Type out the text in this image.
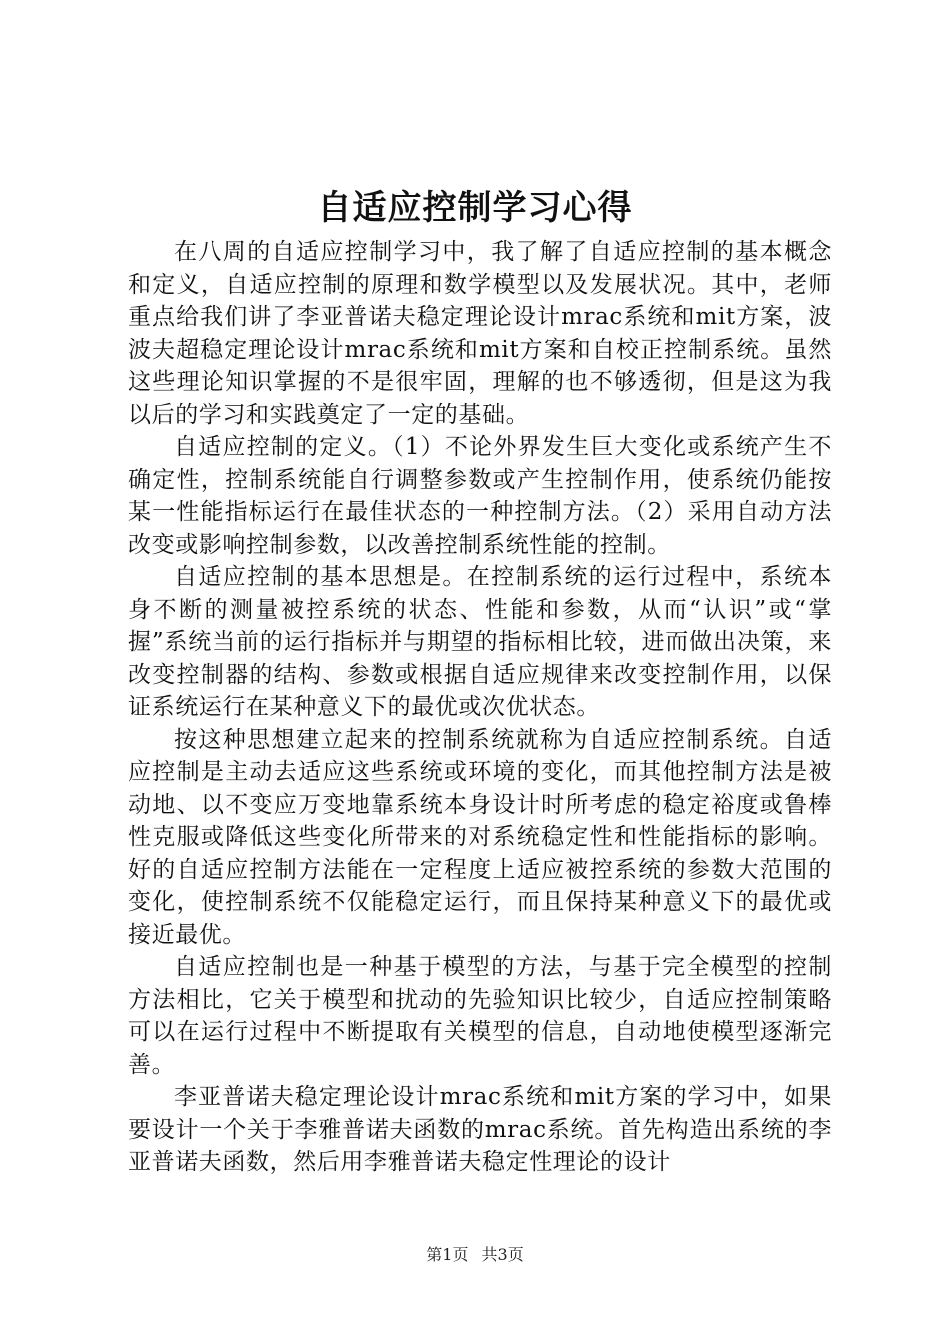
自适应控制学习心得

在八周的自适应控制学习中，我了解了自适应控制的基本概念和定义，自适应控制的原理和数学模型以及发展状况。其中，老师重点给我们讲了李亚普诺夫稳定理论设计mrac系统和mit方案，波波夫超稳定理论设计mrac系统和mit方案和自校正控制系统。虽然这些理论知识掌握的不是很牢固，理解的也不够透彻，但是这为我以后的学习和实践奠定了一定的基础。

自适应控制的定义。（1）不论外界发生巨大变化或系统产生不确定性，控制系统能自行调整参数或产生控制作用，使系统仍能按某一性能指标运行在最佳状态的一种控制方法。（2）采用自动方法改变或影响控制参数，以改善控制系统性能的控制。

自适应控制的基本思想是。在控制系统的运行过程中，系统本身不断的测量被控系统的状态、性能和参数，从而“认识”或“掌握”系统当前的运行指标并与期望的指标相比较，进而做出决策，来改变控制器的结构、参数或根据自适应规律来改变控制作用，以保证系统运行在某种意义下的最优或次优状态。

按这种思想建立起来的控制系统就称为自适应控制系统。自适应控制是主动去适应这些系统或环境的变化，而其他控制方法是被动地、以不变应万变地靠系统本身设计时所考虑的稳定裕度或鲁棒性克服或降低这些变化所带来的对系统稳定性和性能指标的影响。好的自适应控制方法能在一定程度上适应被控系统的参数大范围的变化，使控制系统不仅能稳定运行，而且保持某种意义下的最优或接近最优。

自适应控制也是一种基于模型的方法，与基于完全模型的控制方法相比，它关于模型和扰动的先验知识比较少，自适应控制策略可以在运行过程中不断提取有关模型的信息，自动地使模型逐渐完善。

李亚普诺夫稳定理论设计mrac系统和mit方案的学习中，如果要设计一个关于李雅普诺夫函数的mrac系统。首先构造出系统的李亚普诺夫函数，然后用李雅普诺夫稳定性理论的设计

第1页 共3页
